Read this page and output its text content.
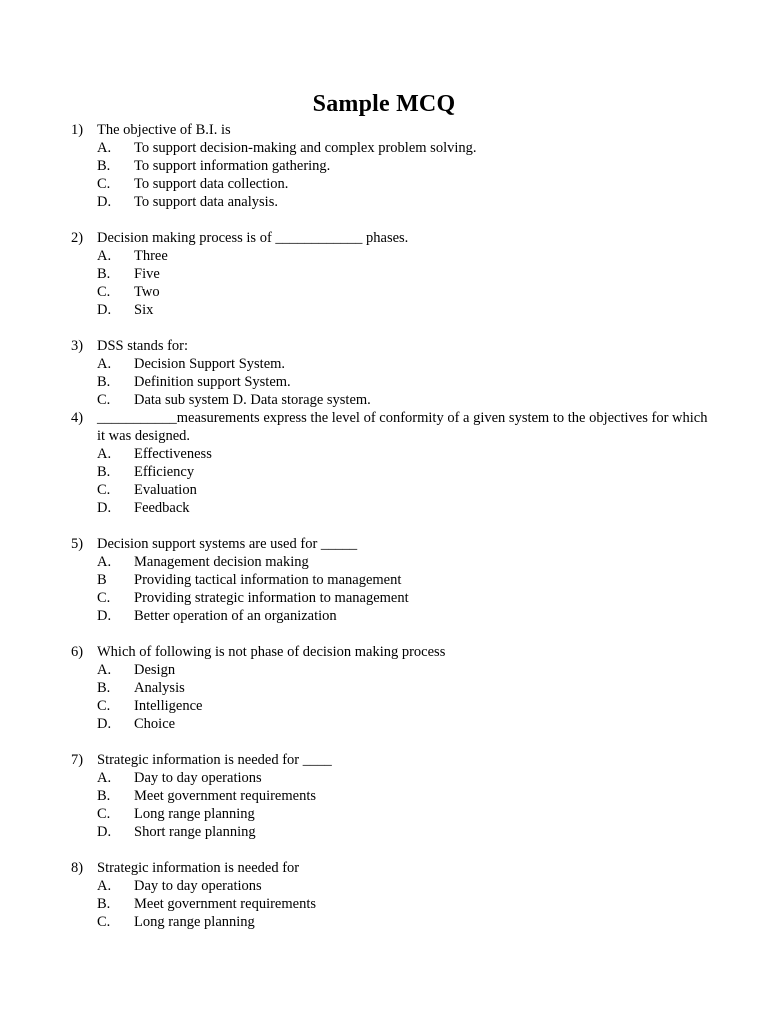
Sample MCQ
1) The objective of B.I. is
A. To support decision-making and complex problem solving.
B. To support information gathering.
C. To support data collection.
D. To support data analysis.
2) Decision making process is of ____________ phases.
A. Three
B. Five
C. Two
D. Six
3) DSS stands for:
A. Decision Support System.
B. Definition support System.
C. Data sub system D. Data storage system.
4) ___________measurements express the level of conformity of a given system to the objectives for which it was designed.
A. Effectiveness
B. Efficiency
C. Evaluation
D. Feedback
5) Decision support systems are used for _____
A. Management decision making
B Providing tactical information to management
C. Providing strategic information to management
D. Better operation of an organization
6) Which of following is not phase of decision making process
A. Design
B. Analysis
C. Intelligence
D. Choice
7) Strategic information is needed for ____
A. Day to day operations
B. Meet government requirements
C. Long range planning
D. Short range planning
8) Strategic information is needed for
A. Day to day operations
B. Meet government requirements
C. Long range planning
